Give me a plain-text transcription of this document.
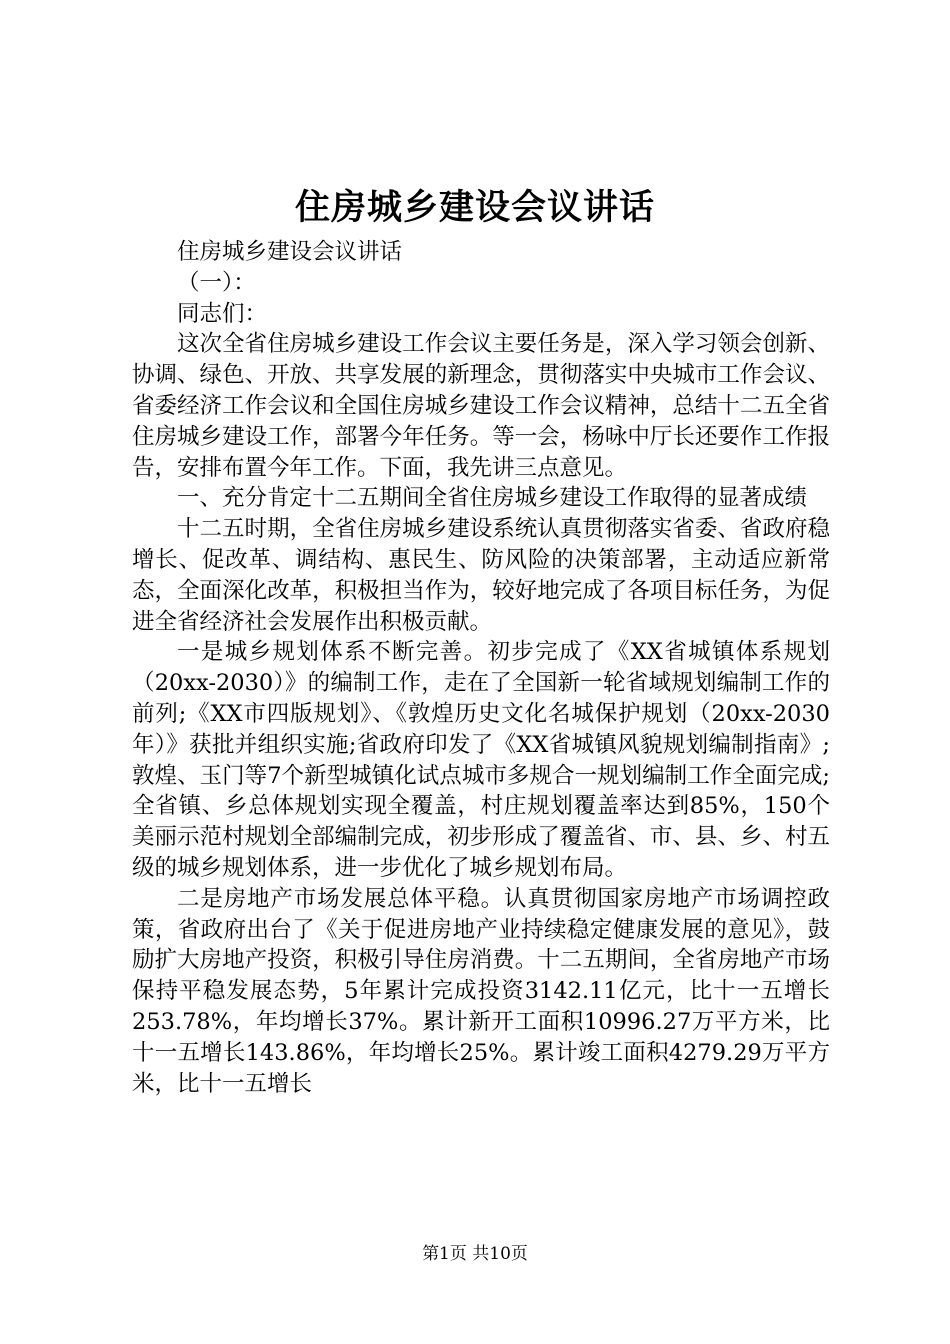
住房城乡建设会议讲话

住房城乡建设会议讲话

（一）：

同志们：

这次全省住房城乡建设工作会议主要任务是，深入学习领会创新、协调、绿色、开放、共享发展的新理念，贯彻落实中央城市工作会议、省委经济工作会议和全国住房城乡建设工作会议精神，总结十二五全省住房城乡建设工作，部署今年任务。等一会，杨咏中厅长还要作工作报告，安排布置今年工作。下面，我先讲三点意见。

一、充分肯定十二五期间全省住房城乡建设工作取得的显著成绩

十二五时期，全省住房城乡建设系统认真贯彻落实省委、省政府稳增长、促改革、调结构、惠民生、防风险的决策部署，主动适应新常态，全面深化改革，积极担当作为，较好地完成了各项目标任务，为促进全省经济社会发展作出积极贡献。

一是城乡规划体系不断完善。初步完成了《XX省城镇体系规划（20xx-2030）》的编制工作，走在了全国新一轮省域规划编制工作的前列;《XX市四版规划》、《敦煌历史文化名城保护规划（20xx-2030年）》获批并组织实施;省政府印发了《XX省城镇风貌规划编制指南》;敦煌、玉门等7个新型城镇化试点城市多规合一规划编制工作全面完成;全省镇、乡总体规划实现全覆盖，村庄规划覆盖率达到85%，150个美丽示范村规划全部编制完成，初步形成了覆盖省、市、县、乡、村五级的城乡规划体系，进一步优化了城乡规划布局。

二是房地产市场发展总体平稳。认真贯彻国家房地产市场调控政策，省政府出台了《关于促进房地产业持续稳定健康发展的意见》，鼓励扩大房地产投资，积极引导住房消费。十二五期间，全省房地产市场保持平稳发展态势，5年累计完成投资3142.11亿元，比十一五增长253.78%，年均增长37%。累计新开工面积10996.27万平方米，比十一五增长143.86%，年均增长25%。累计竣工面积4279.29万平方米，比十一五增长

第1页 共10页
